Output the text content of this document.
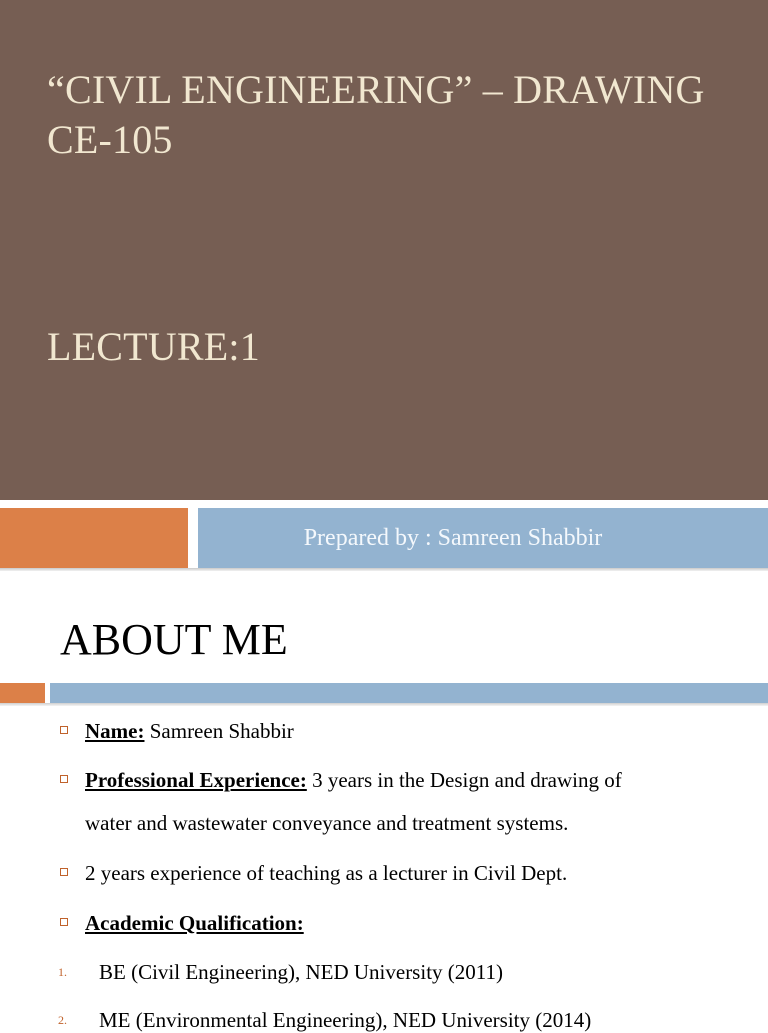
“CIVIL ENGINEERING” – DRAWING
CE-105
LECTURE:1
Prepared by : Samreen Shabbir
ABOUT ME
Name: Samreen Shabbir
Professional Experience: 3 years in the Design and drawing of
water and wastewater conveyance and treatment systems.
2 years experience of teaching as a lecturer in Civil Dept.
Academic Qualification:
1. BE (Civil Engineering), NED University (2011)
2. ME (Environmental Engineering), NED University (2014)
